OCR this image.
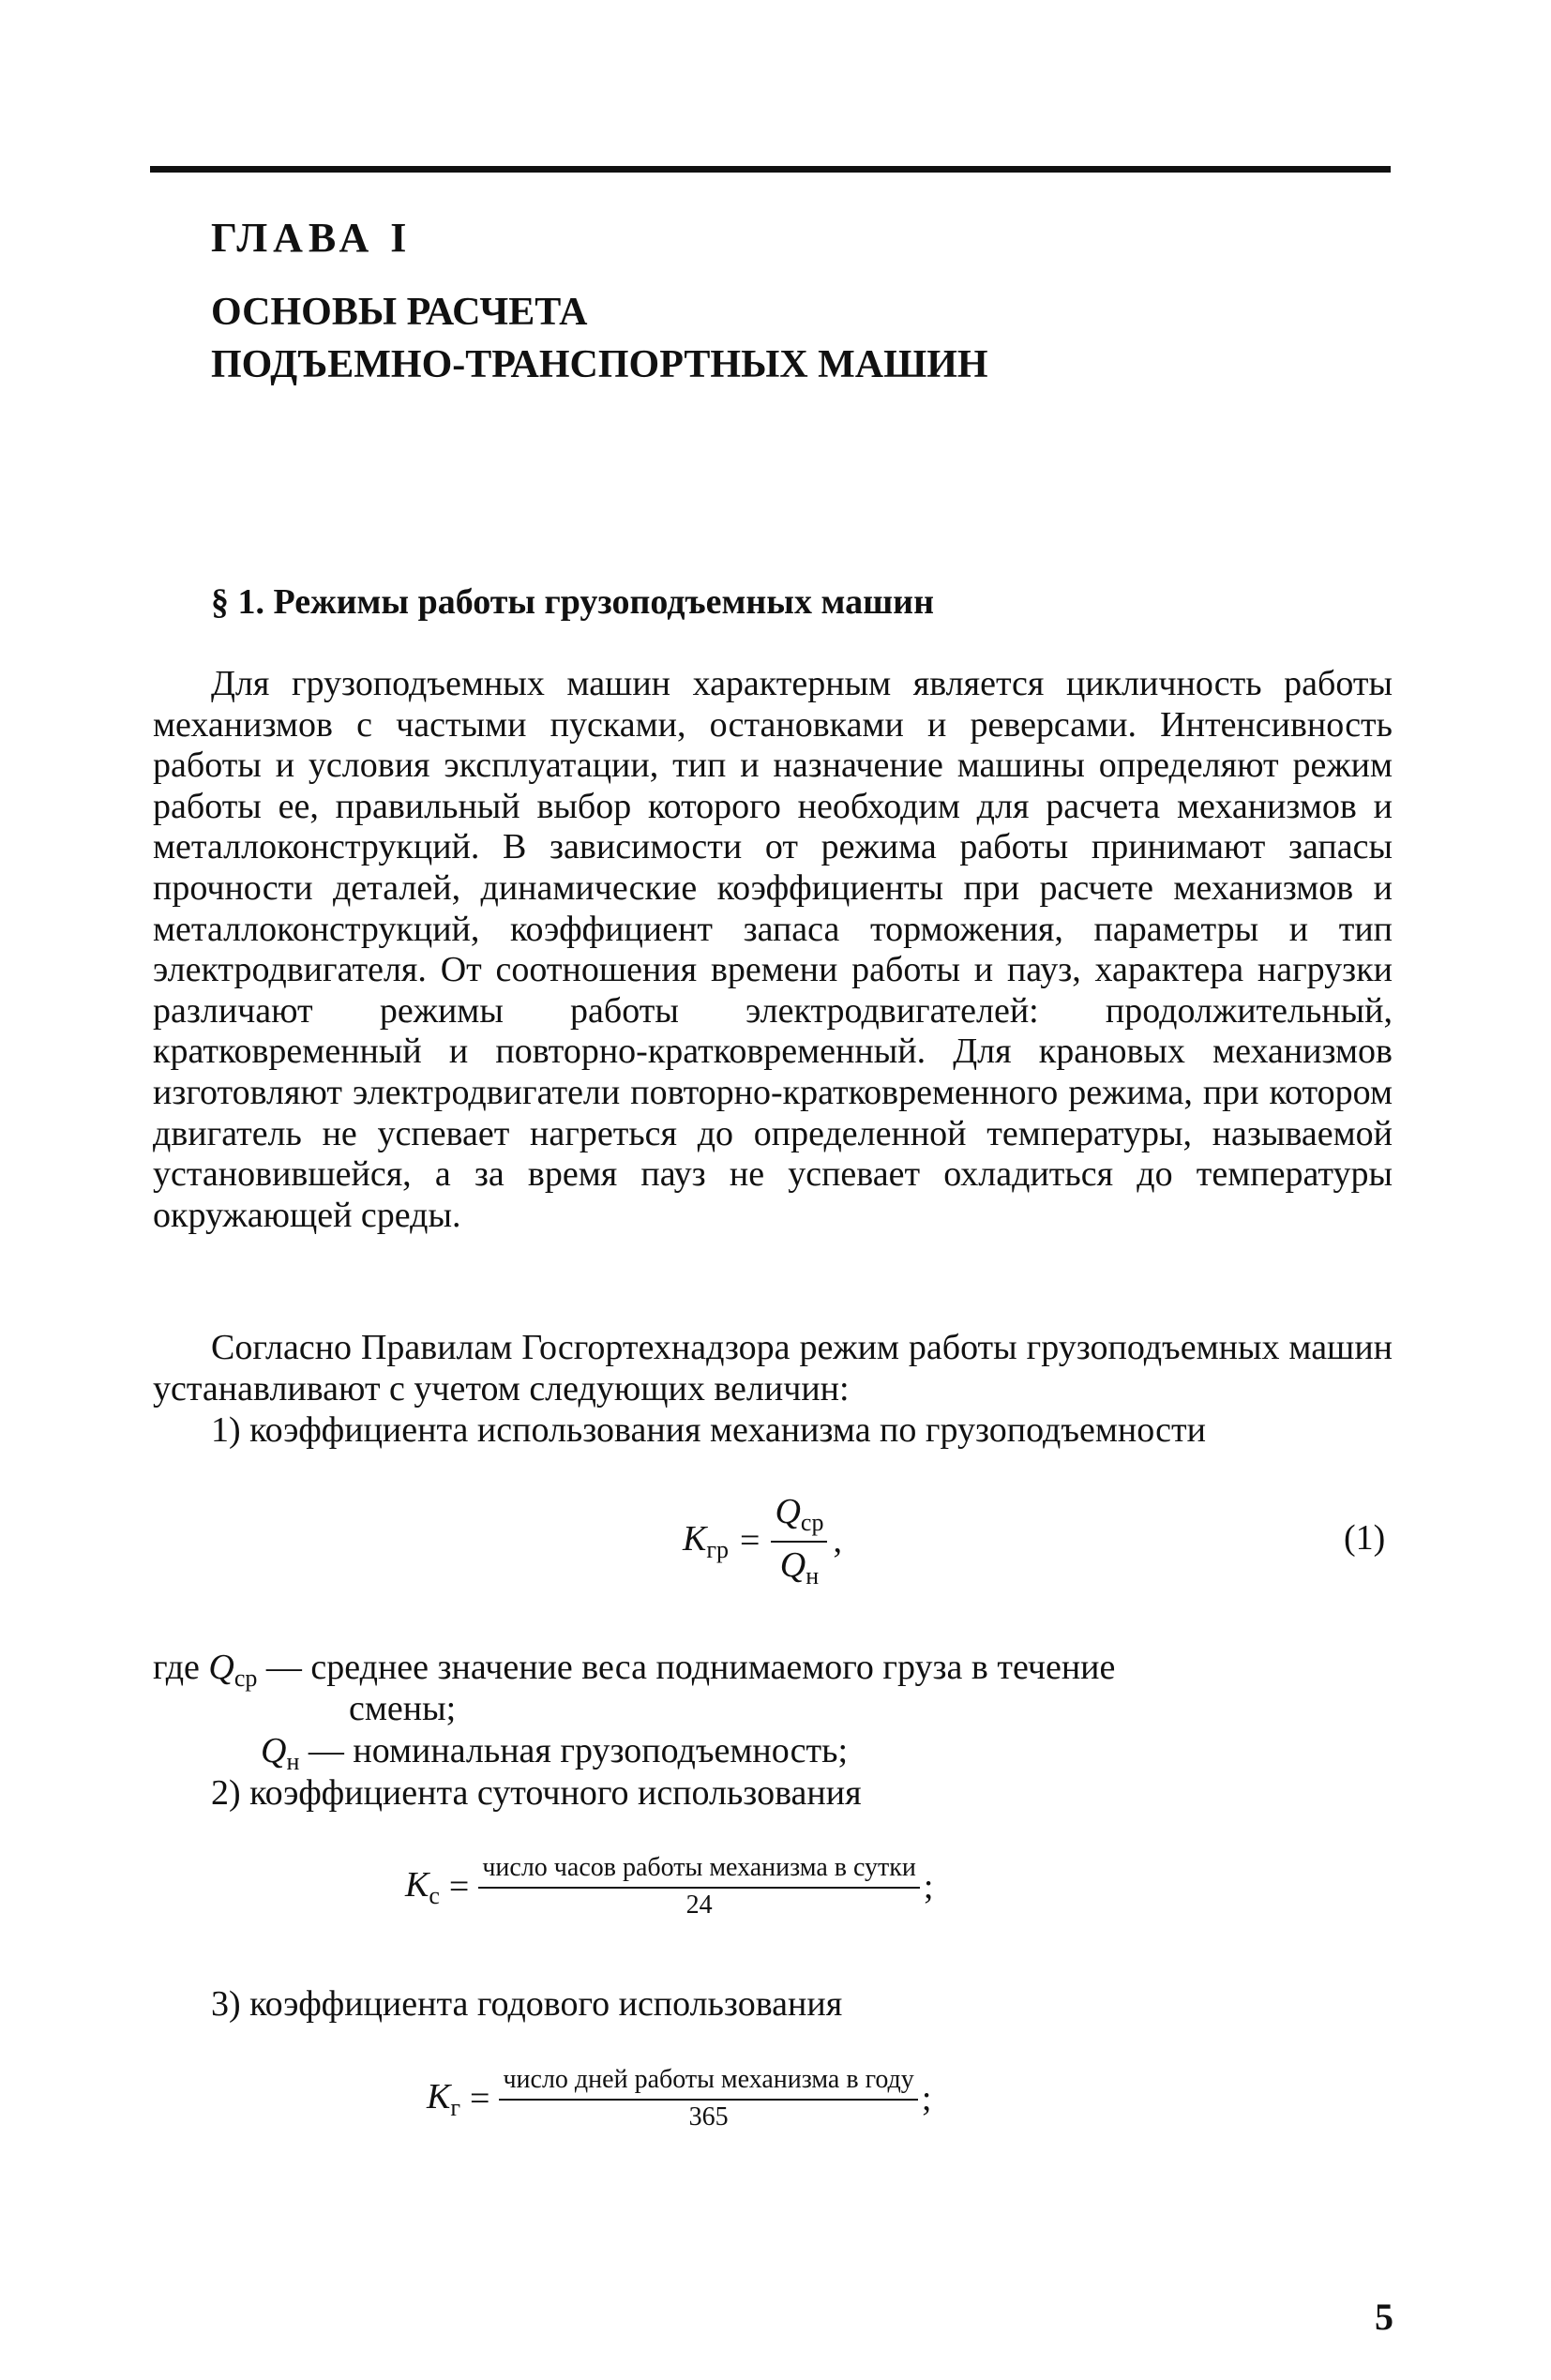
ГЛАВА I
ОСНОВЫ РАСЧЕТА
ПОДЪЕМНО-ТРАНСПОРТНЫХ МАШИН
§ 1. Режимы работы грузоподъемных машин

Для грузоподъемных машин характерным является цикличность работы механизмов с частыми пусками, остановками и реверсами. Интенсивность работы и условия эксплуатации, тип и назначение машины определяют режим работы ее, правильный выбор которого необходим для расчета механизмов и металлоконструкций. В зависимости от режима работы принимают запасы прочности деталей, динамические коэффициенты при расчете механизмов и металлоконструкций, коэффициент запаса торможения, параметры и тип электродвигателя. От соотношения времени работы и пауз, характера нагрузки различают режимы работы электродвигателей: продолжительный, кратковременный и повторно-кратковременный. Для крановых механизмов изготовляют электродвигатели повторно-кратковременного режима, при котором двигатель не успевает нагреться до определенной температуры, называемой установившейся, а за время пауз не успевает охладиться до температуры окружающей среды.

Согласно Правилам Госгортехнадзора режим работы грузоподъемных машин устанавливают с учетом следующих величин:

1) коэффициента использования механизма по грузоподъемности
$K_{гр} = \frac{Q_{ср}}{Q_н}$ ,	(1)
где $Q_{ср}$ — среднее значение веса поднимаемого груза в течение
смены;
$Q_н$ — номинальная грузоподъемность;
2) коэффициента суточного использования
$K_с = \frac{\text{число часов работы механизма в сутки}}{24}$ ;
3) коэффициента годового использования
$K_г = \frac{\text{число дней работы механизма в году}}{365}$ ;
5
